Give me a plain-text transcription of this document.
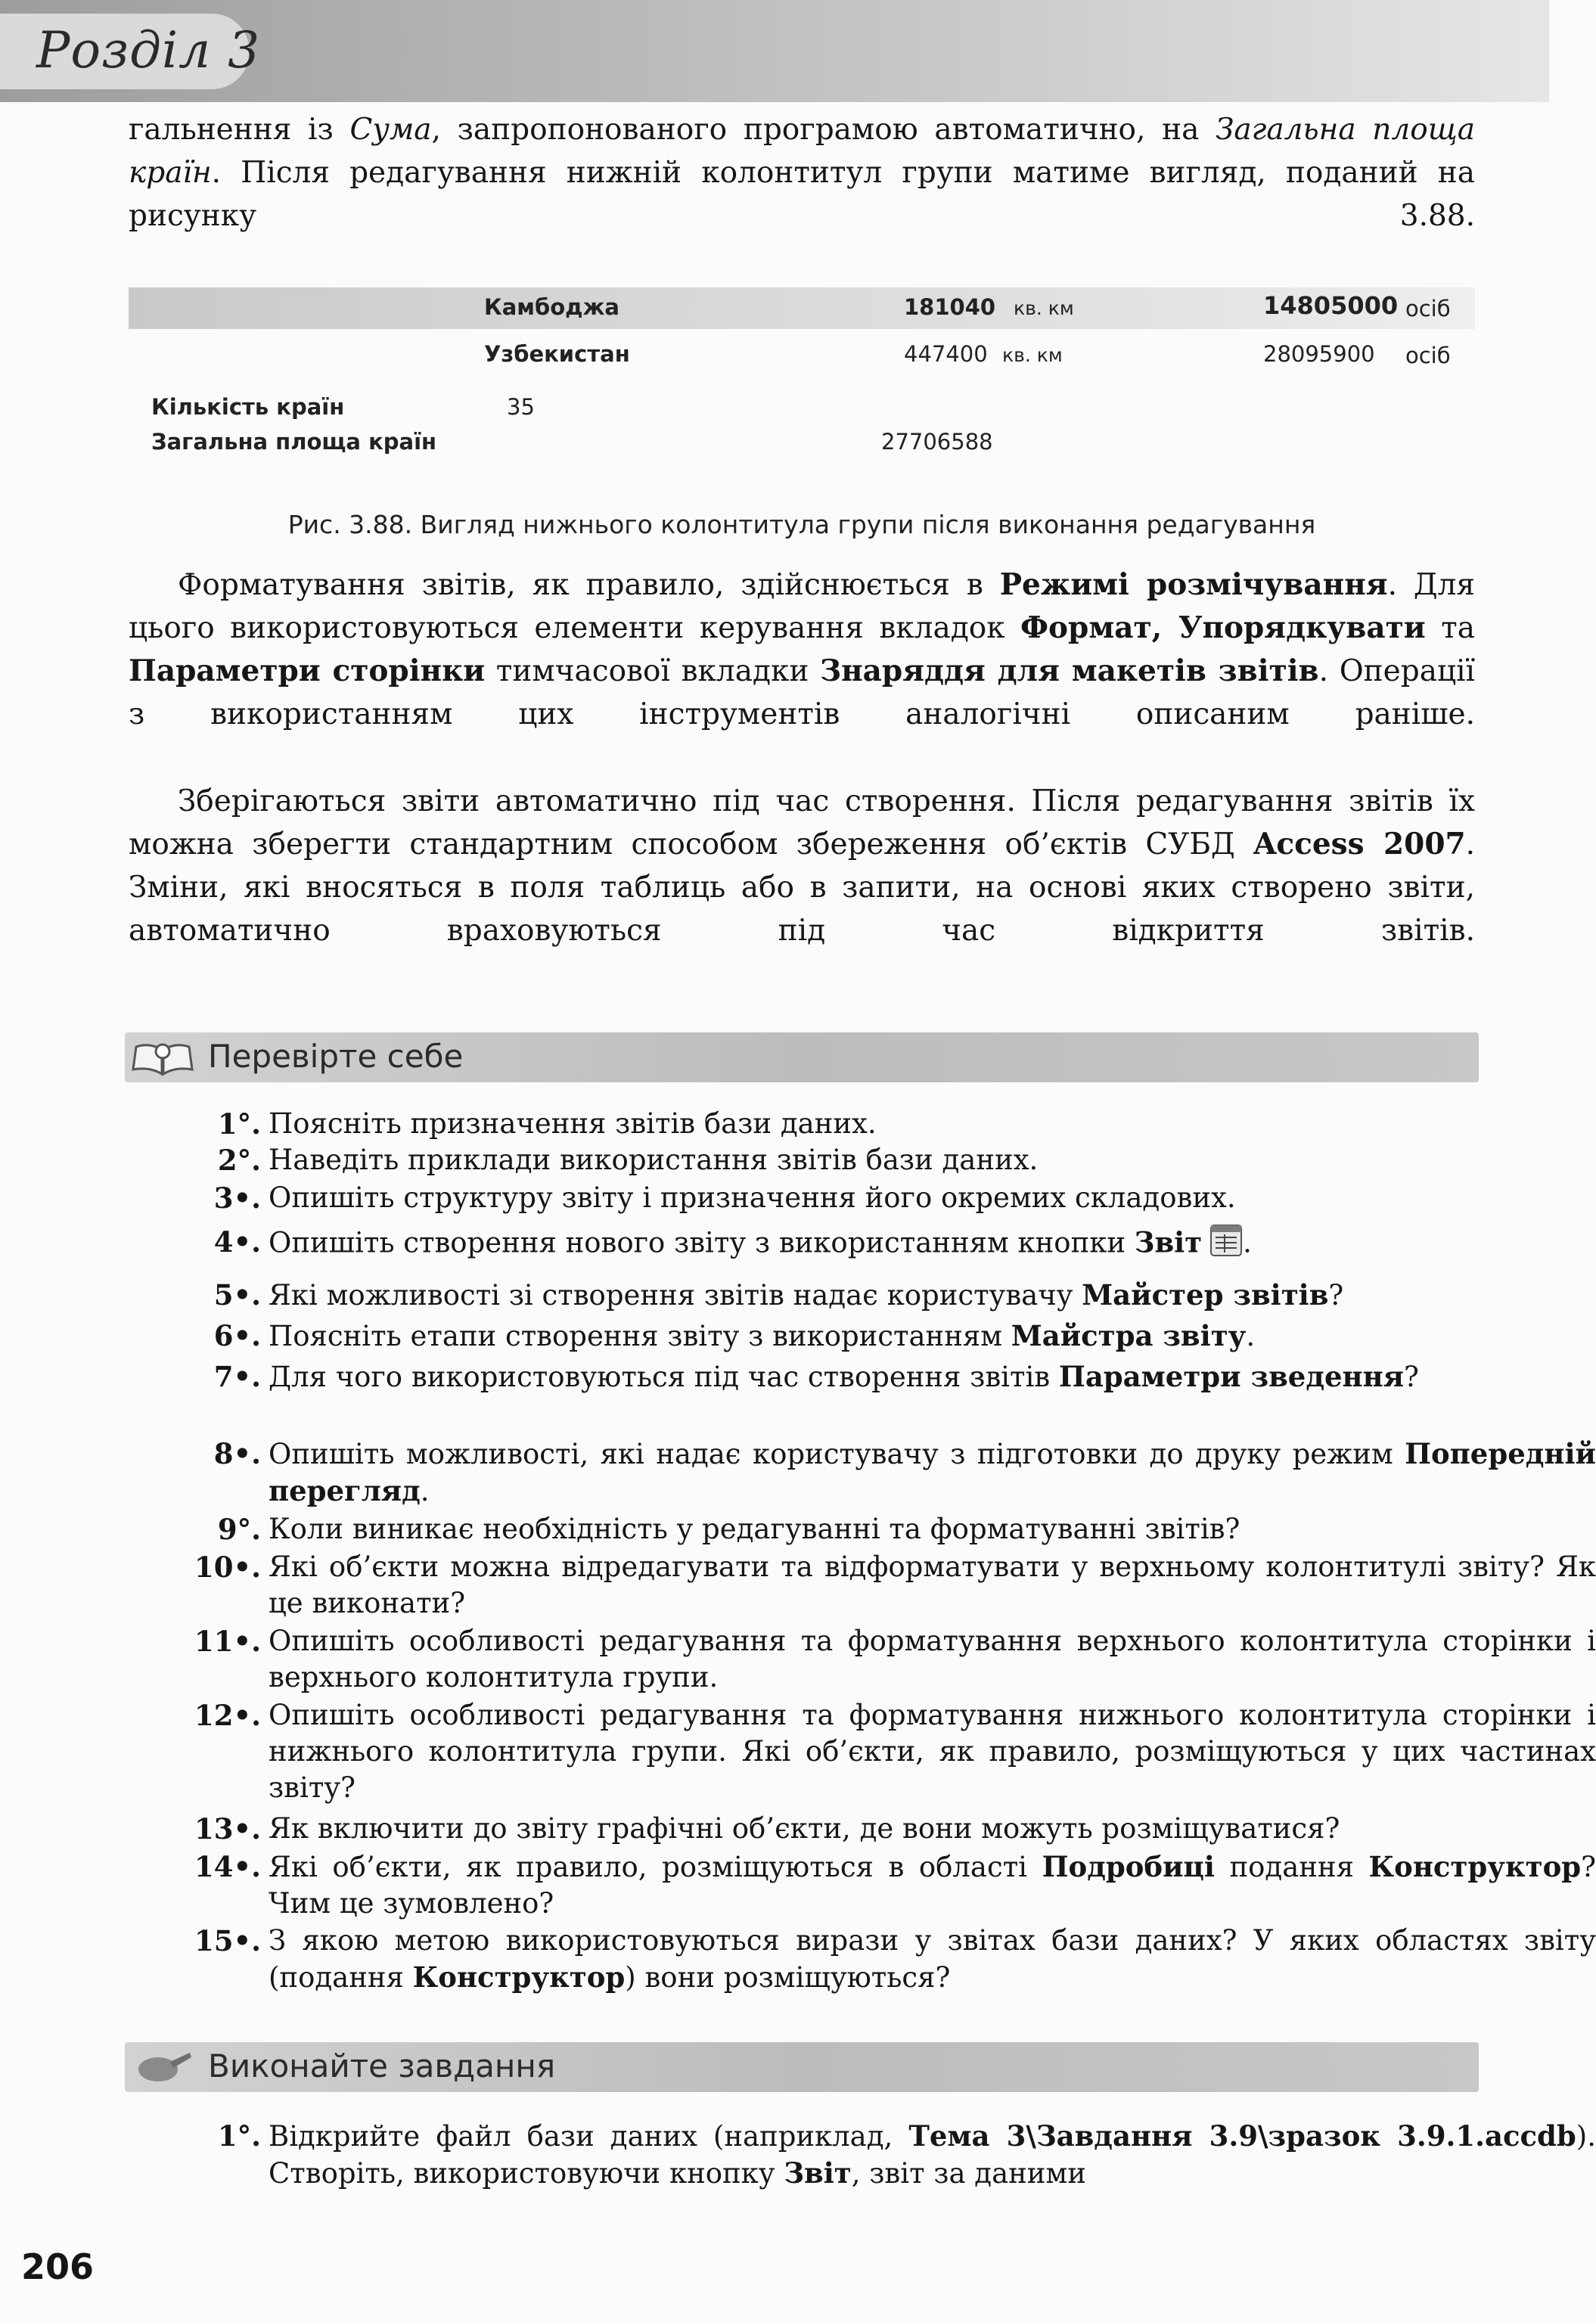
Розділ 3

гальнення із Сума, запропонованого програмою автоматично, на Загальна площа країн. Після редагування нижній колонтитул групи матиме вигляд, поданий на рисунку 3.88.

Камбоджа	181040 кв. км	14805000 осіб
Узбекистан	447400 кв. км	28095900 осіб
Кількість країн	35
Загальна площа країн	27706588
Рис. 3.88. Вигляд нижнього колонтитула групи після виконання редагування

Форматування звітів, як правило, здійснюється в Режимі розмічування. Для цього використовуються елементи керування вкладок Формат, Упорядкувати та Параметри сторінки тимчасової вкладки Знаряддя для макетів звітів. Операції з використанням цих інструментів аналогічні описаним раніше.

Зберігаються звіти автоматично під час створення. Після редагування звітів їх можна зберегти стандартним способом збереження об’єктів СУБД Access 2007. Зміни, які вносяться в поля таблиць або в запити, на основі яких створено звіти, автоматично враховуються під час відкриття звітів.

Перевірте себе
1°. Поясніть призначення звітів бази даних.

2°. Наведіть приклади використання звітів бази даних.

3•. Опишіть структуру звіту і призначення його окремих складових.

4•. Опишіть створення нового звіту з використанням кнопки Звіт .

5•. Які можливості зі створення звітів надає користувачу Майстер звітів?

6•. Поясніть етапи створення звіту з використанням Майстра звіту.

7•. Для чого використовуються під час створення звітів Параметри зведення?

8•. Опишіть можливості, які надає користувачу з підготовки до друку режим Попередній перегляд.

9°. Коли виникає необхідність у редагуванні та форматуванні звітів?

10•. Які об’єкти можна відредагувати та відформатувати у верхньому колонтитулі звіту? Як це виконати?

11•. Опишіть особливості редагування та форматування верхнього колонтитула сторінки і верхнього колонтитула групи.

12•. Опишіть особливості редагування та форматування нижнього колонтитула сторінки і нижнього колонтитула групи. Які об’єкти, як правило, розміщуються у цих частинах звіту?

13•. Як включити до звіту графічні об’єкти, де вони можуть розміщуватися?

14•. Які об’єкти, як правило, розміщуються в області Подробиці подання Конструктор? Чим це зумовлено?

15•. З якою метою використовуються вирази у звітах бази даних? У яких областях звіту (подання Конструктор) вони розміщуються?

Виконайте завдання
1°. Відкрийте файл бази даних (наприклад, Тема 3\Завдання 3.9\зразок 3.9.1.accdb). Створіть, використовуючи кнопку Звіт, звіт за даними

206
